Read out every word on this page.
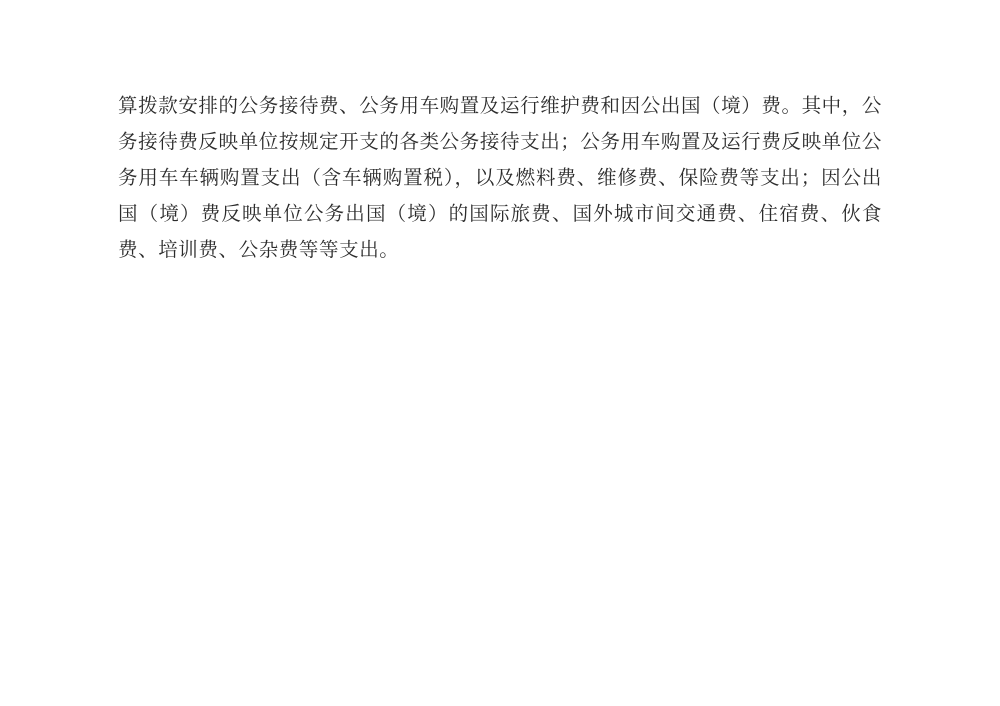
算拨款安排的公务接待费、公务用车购置及运行维护费和因公出国（境）费。其中，公务接待费反映单位按规定开支的各类公务接待支出；公务用车购置及运行费反映单位公务用车车辆购置支出（含车辆购置税），以及燃料费、维修费、保险费等支出；因公出国（境）费反映单位公务出国（境）的国际旅费、国外城市间交通费、住宿费、伙食费、培训费、公杂费等等支出。
